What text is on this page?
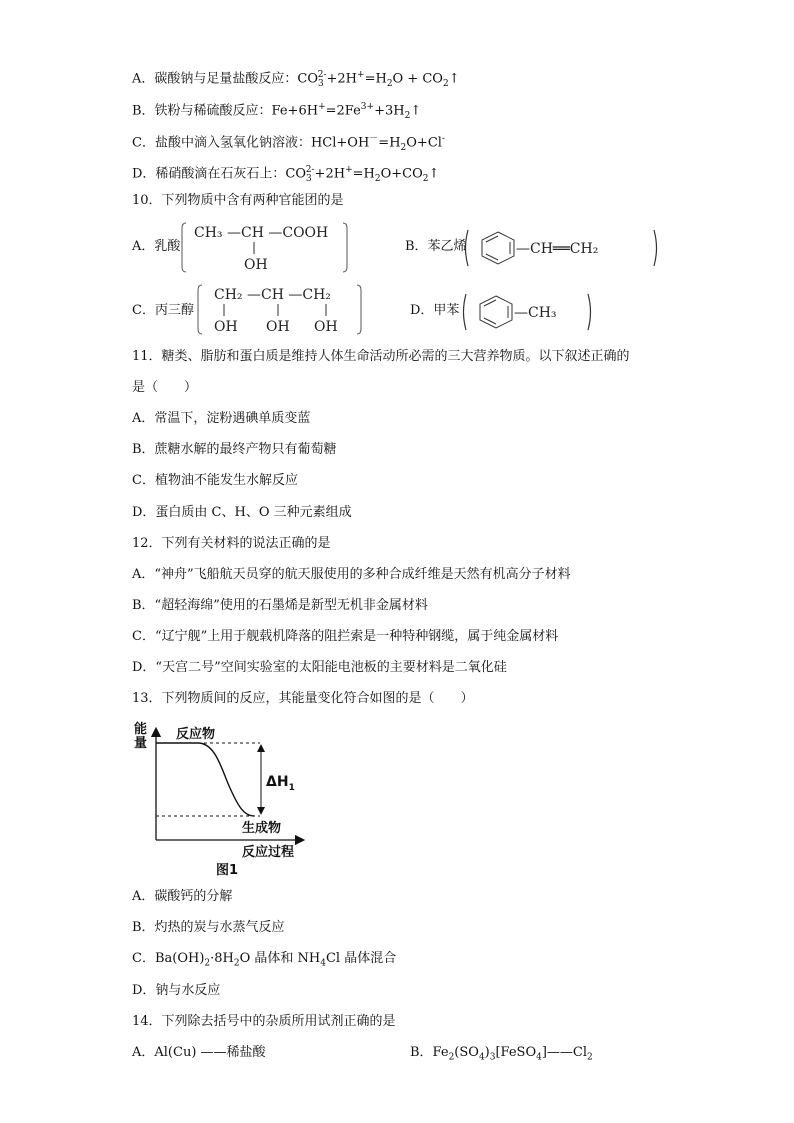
A．碳酸钠与足量盐酸反应：$CO_3^{2-}+2H^+=H_2O$ + $CO_2↑$
B．铁粉与稀硫酸反应：$Fe+6H^+=2Fe^{3+}+3H_2↑$
C．盐酸中滴入氢氧化钠溶液：$HCl+OH^-=H_2O+Cl^-$
D．稀硝酸滴在石灰石上：$CO_3^{2-}+2H^+=H_2O+CO_2↑$
10．下列物质中含有两种官能团的是
A．乳酸
CH₃ —CH —COOH
OH
B．苯乙烯	—CH══CH₂
C．丙三醇
CH₂ —CH —CH₂
OH OH OH
D．甲苯	—CH₃
11．糖类、脂肪和蛋白质是维持人体生命活动所必需的三大营养物质。以下叙述正确的
是（　　）
A．常温下，淀粉遇碘单质变蓝
B．蔗糖水解的最终产物只有葡萄糖
C．植物油不能发生水解反应
D．蛋白质由 C、H、O 三种元素组成
12．下列有关材料的说法正确的是
A．“神舟”飞船航天员穿的航天服使用的多种合成纤维是天然有机高分子材料
B．“超轻海绵”使用的石墨烯是新型无机非金属材料
C．“辽宁舰”上用于舰载机降落的阻拦索是一种特种钢缆，属于纯金属材料
D．“天宫二号”空间实验室的太阳能电池板的主要材料是二氧化硅
13．下列物质间的反应，其能量变化符合如图的是（　　）
能
量
反应物
生成物
$\Delta H_1$
反应过程
图1
A．碳酸钙的分解
B．灼热的炭与水蒸气反应
C．$Ba(OH)_2\cdot 8H_2O$ 晶体和 $NH_4Cl$ 晶体混合
D．钠与水反应
14．下列除去括号中的杂质所用试剂正确的是
A．Al(Cu) ——稀盐酸	B．$Fe_2(SO_4)_3[FeSO_4]——Cl_2$
